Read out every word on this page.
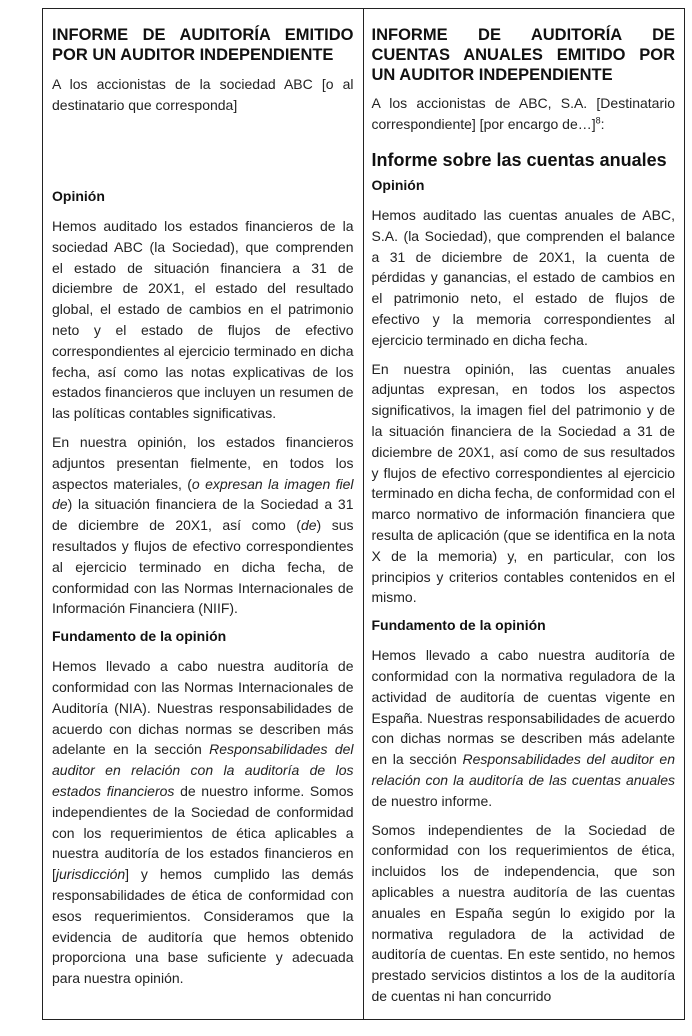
INFORME DE AUDITORÍA EMITIDO POR UN AUDITOR INDEPENDIENTE

A los accionistas de la sociedad ABC [o al destinatario que corresponda]

Opinión

Hemos auditado los estados financieros de la sociedad ABC (la Sociedad), que comprenden el estado de situación financiera a 31 de diciembre de 20X1, el estado del resultado global, el estado de cambios en el patrimonio neto y el estado de flujos de efectivo correspondientes al ejercicio terminado en dicha fecha, así como las notas explicativas de los estados financieros que incluyen un resumen de las políticas contables significativas.

En nuestra opinión, los estados financieros adjuntos presentan fielmente, en todos los aspectos materiales, (o expresan la imagen fiel de) la situación financiera de la Sociedad a 31 de diciembre de 20X1, así como (de) sus resultados y flujos de efectivo correspondientes al ejercicio terminado en dicha fecha, de conformidad con las Normas Internacionales de Información Financiera (NIIF).

Fundamento de la opinión

Hemos llevado a cabo nuestra auditoría de conformidad con las Normas Internacionales de Auditoría (NIA). Nuestras responsabilidades de acuerdo con dichas normas se describen más adelante en la sección Responsabilidades del auditor en relación con la auditoría de los estados financieros de nuestro informe. Somos independientes de la Sociedad de conformidad con los requerimientos de ética aplicables a nuestra auditoría de los estados financieros en [jurisdicción] y hemos cumplido las demás responsabilidades de ética de conformidad con esos requerimientos. Consideramos que la evidencia de auditoría que hemos obtenido proporciona una base suficiente y adecuada para nuestra opinión.

INFORME DE AUDITORÍA DE CUENTAS ANUALES EMITIDO POR UN AUDITOR INDEPENDIENTE

A los accionistas de ABC, S.A. [Destinatario correspondiente] [por encargo de…]$^8$:

Informe sobre las cuentas anuales
Opinión

Hemos auditado las cuentas anuales de ABC, S.A. (la Sociedad), que comprenden el balance a 31 de diciembre de 20X1, la cuenta de pérdidas y ganancias, el estado de cambios en el patrimonio neto, el estado de flujos de efectivo y la memoria correspondientes al ejercicio terminado en dicha fecha.

En nuestra opinión, las cuentas anuales adjuntas expresan, en todos los aspectos significativos, la imagen fiel del patrimonio y de la situación financiera de la Sociedad a 31 de diciembre de 20X1, así como de sus resultados y flujos de efectivo correspondientes al ejercicio terminado en dicha fecha, de conformidad con el marco normativo de información financiera que resulta de aplicación (que se identifica en la nota X de la memoria) y, en particular, con los principios y criterios contables contenidos en el mismo.

Fundamento de la opinión

Hemos llevado a cabo nuestra auditoría de conformidad con la normativa reguladora de la actividad de auditoría de cuentas vigente en España. Nuestras responsabilidades de acuerdo con dichas normas se describen más adelante en la sección Responsabilidades del auditor en relación con la auditoría de las cuentas anuales de nuestro informe.

Somos independientes de la Sociedad de conformidad con los requerimientos de ética, incluidos los de independencia, que son aplicables a nuestra auditoría de las cuentas anuales en España según lo exigido por la normativa reguladora de la actividad de auditoría de cuentas. En este sentido, no hemos prestado servicios distintos a los de la auditoría de cuentas ni han concurrido
